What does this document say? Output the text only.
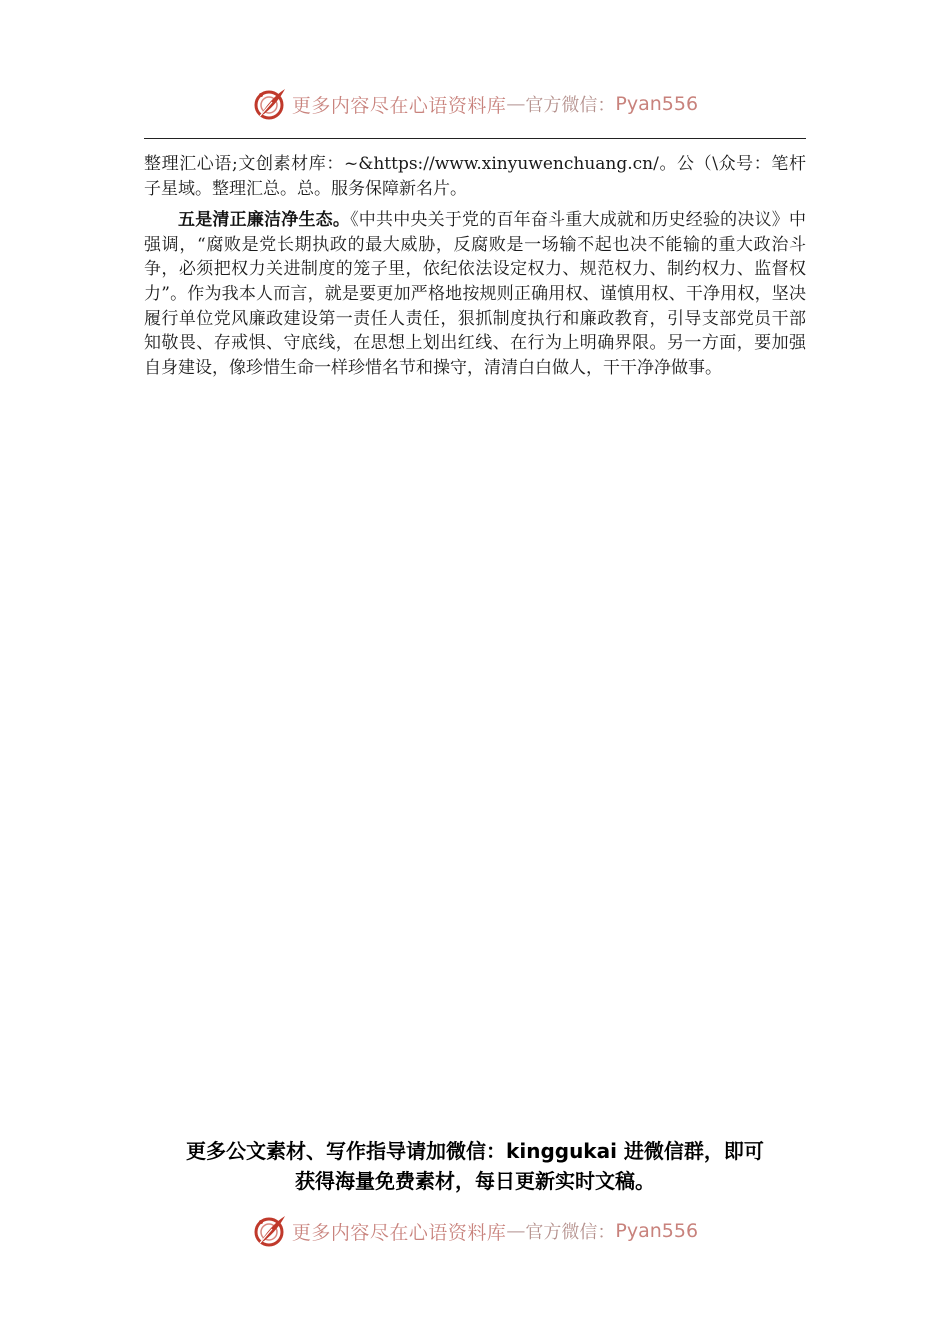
更多内容尽在心语资料库 — 官方微信： Pyan556

整理汇心语;文创素材库：~&https://www.xinyuwenchuang.cn/。公（\众号：笔杆子星域。整理汇总。总。服务保障新名片。

五是清正廉洁净生态。《中共中央关于党的百年奋斗重大成就和历史经验的决议》中强调，“腐败是党长期执政的最大威胁，反腐败是一场输不起也决不能输的重大政治斗争，必须把权力关进制度的笼子里，依纪依法设定权力、规范权力、制约权力、监督权力”。作为我本人而言，就是要更加严格地按规则正确用权、谨慎用权、干净用权，坚决履行单位党风廉政建设第一责任人责任，狠抓制度执行和廉政教育，引导支部党员干部知敬畏、存戒惧、守底线，在思想上划出红线、在行为上明确界限。另一方面，要加强自身建设，像珍惜生命一样珍惜名节和操守，清清白白做人，干干净净做事。

更多公文素材、写作指导请加微信：kinggukai 进微信群，即可
获得海量免费素材，每日更新实时文稿。
更多内容尽在心语资料库 — 官方微信： Pyan556
